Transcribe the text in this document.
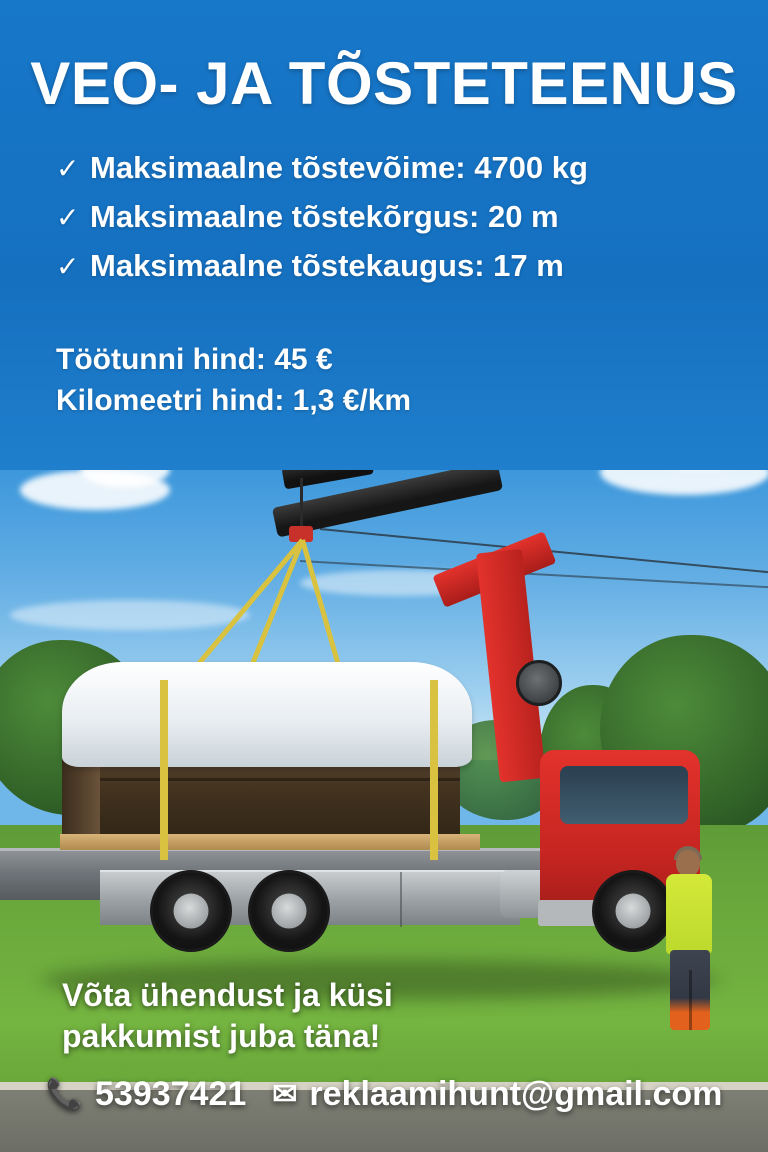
VEO- JA TÕSTETEENUS
✓ Maksimaalne tõstevõime: 4700 kg
✓ Maksimaalne tõstekõrgus: 20 m
✓ Maksimaalne tõstekaugus: 17 m
Töötunni hind: 45 €
Kilomeetri hind: 1,3 €/km
Võta ühendust ja küsi
pakkumist juba täna!
📞 53937421 ✉ reklaamihunt@gmail.com
